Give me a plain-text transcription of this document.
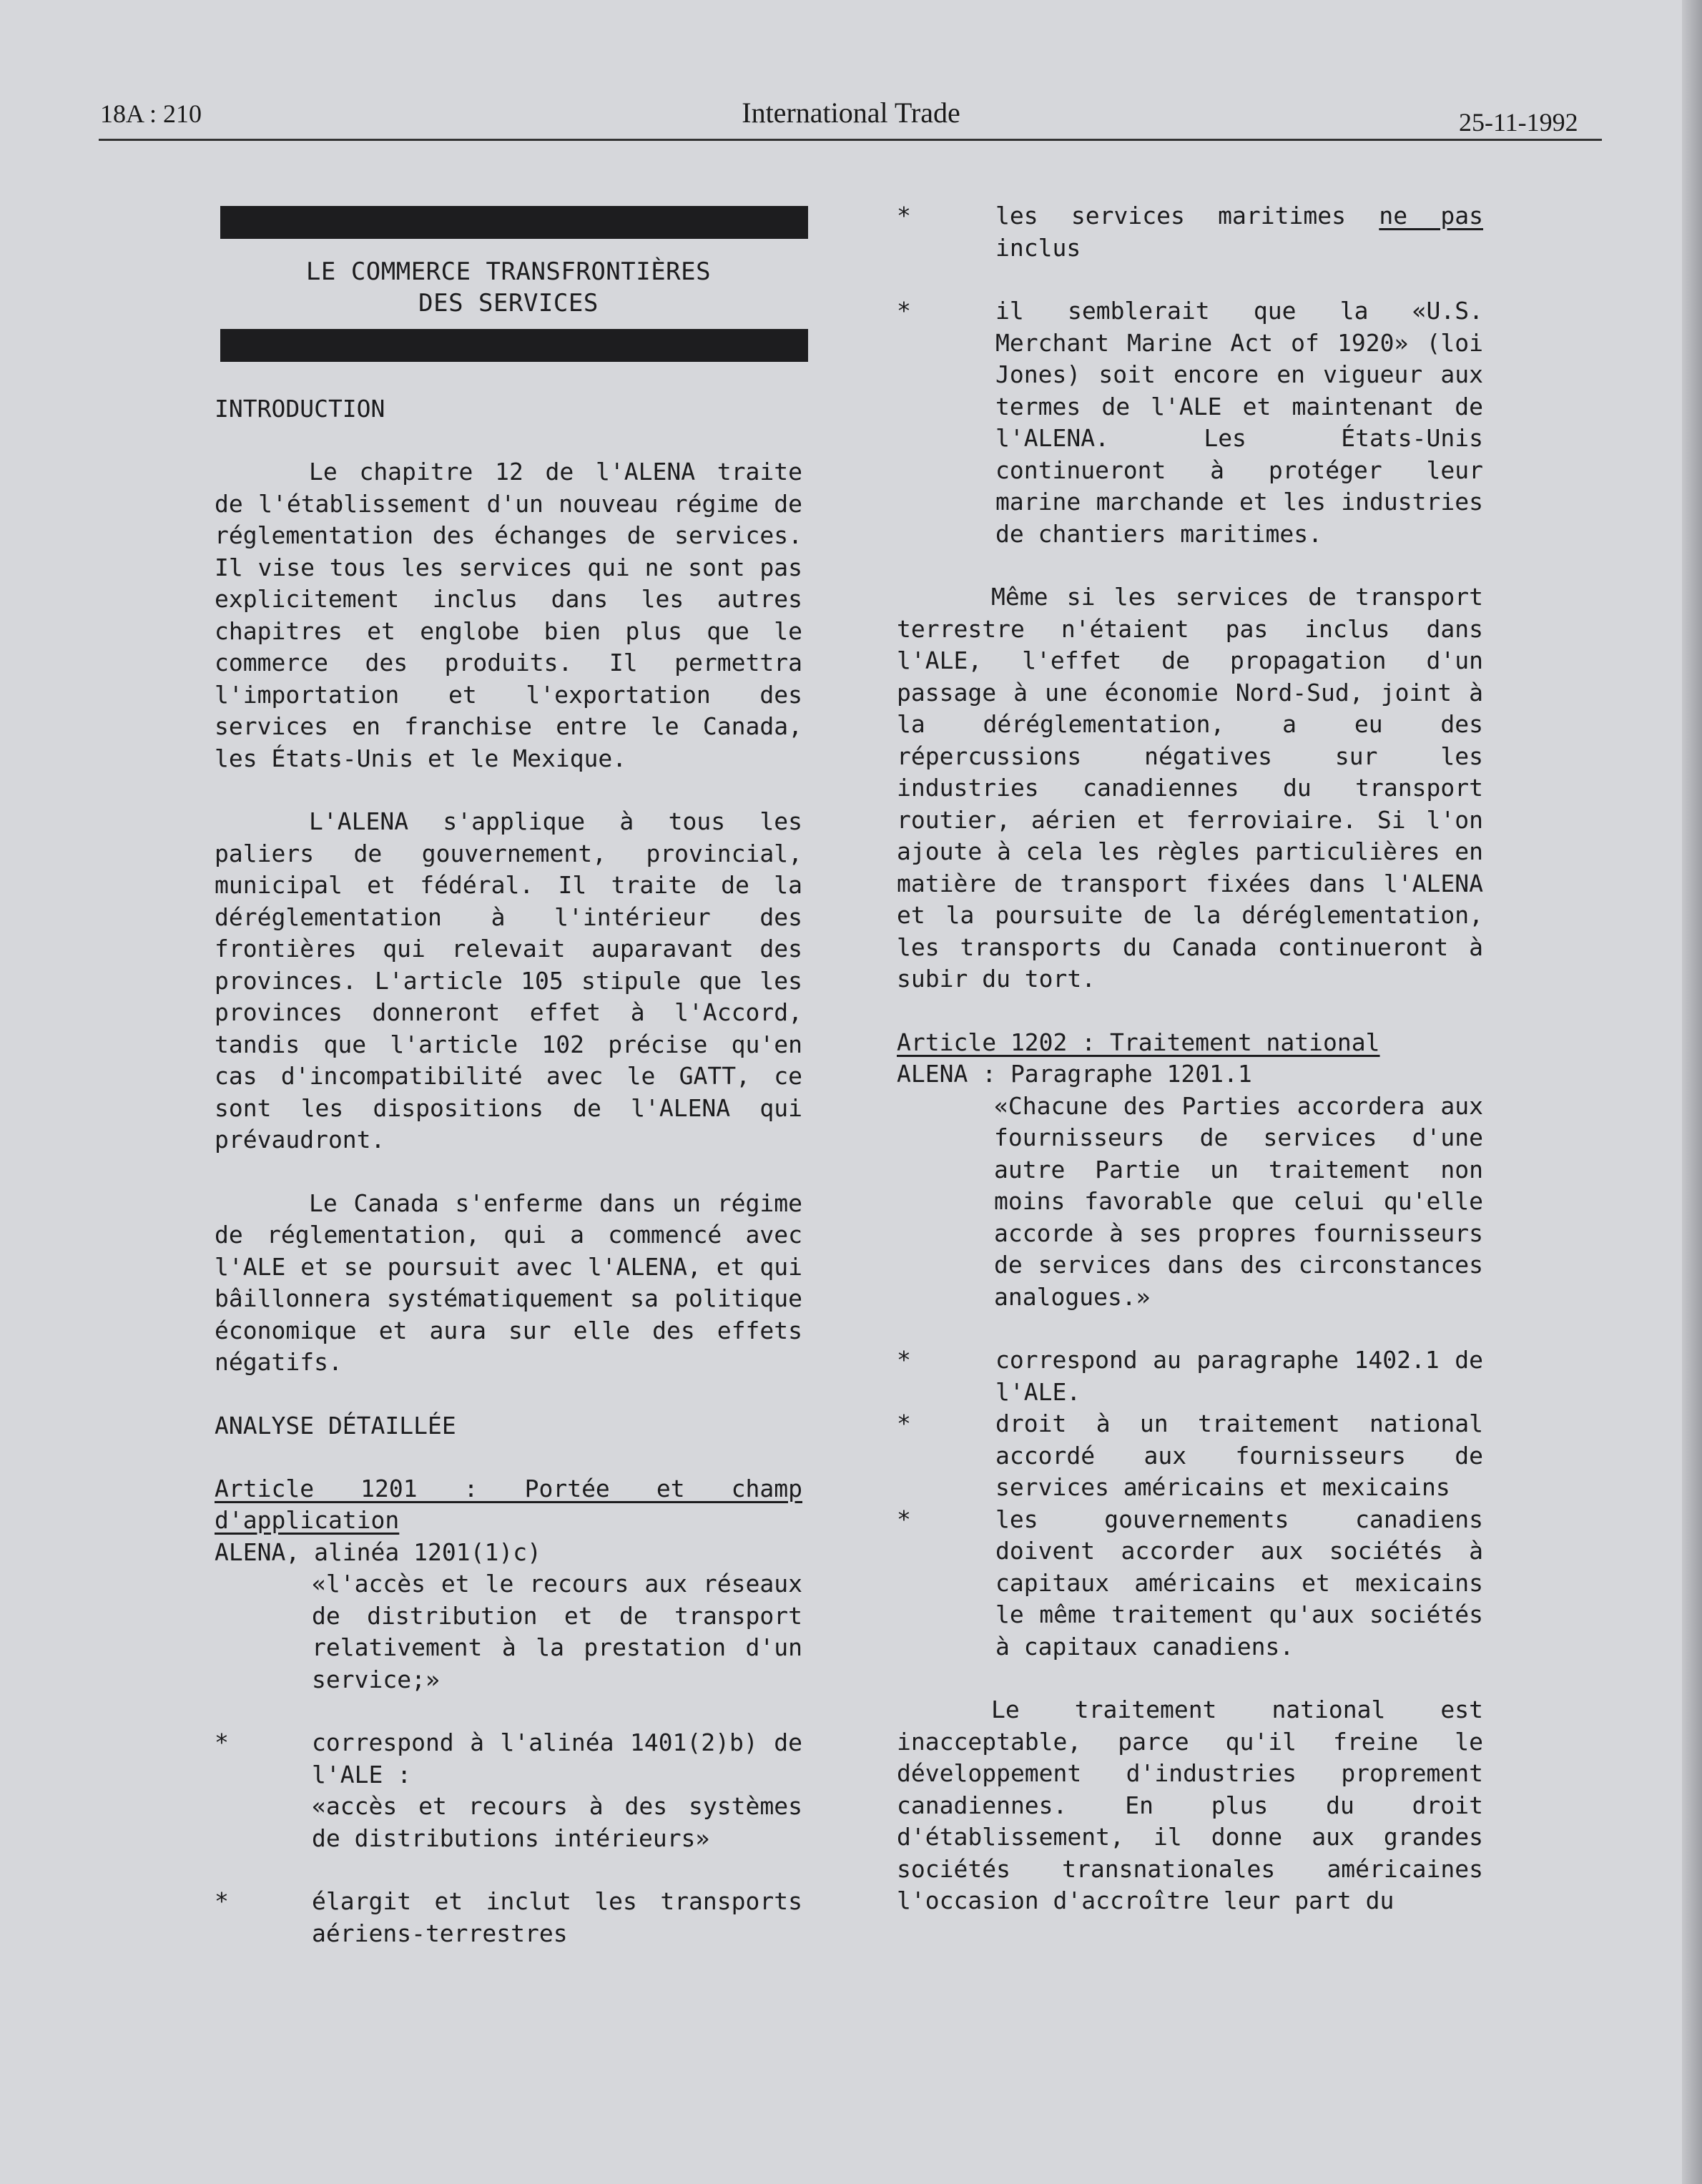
18A : 210	International Trade	25-11-1992
LE COMMERCE TRANSFRONTIÈRES
DES SERVICES
INTRODUCTION

Le chapitre 12 de l'ALENA traite de l'établissement d'un nouveau régime de réglementation des échanges de services. Il vise tous les services qui ne sont pas explicitement inclus dans les autres chapitres et englobe bien plus que le commerce des produits. Il permettra l'importation et l'exportation des services en franchise entre le Canada, les États-Unis et le Mexique.

L'ALENA s'applique à tous les paliers de gouvernement, provincial, municipal et fédéral. Il traite de la déréglementation à l'intérieur des frontières qui relevait auparavant des provinces. L'article 105 stipule que les provinces donneront effet à l'Accord, tandis que l'article 102 précise qu'en cas d'incompatibilité avec le GATT, ce sont les dispositions de l'ALENA qui prévaudront.

Le Canada s'enferme dans un régime de réglementation, qui a commencé avec l'ALE et se poursuit avec l'ALENA, et qui bâillonnera systématiquement sa politique économique et aura sur elle des effets négatifs.

ANALYSE DÉTAILLÉE
Article 1201 : Portée et champ d'application
ALENA, alinéa 1201(1)c)
«l'accès et le recours aux réseaux de distribution et de transport relativement à la prestation d'un service;»
*	correspond à l'alinéa 1401(2)b) de l'ALE :
«accès et recours à des systèmes de distributions intérieurs»
*	élargit et inclut les transports aériens-terrestres
*	les services maritimes ne pas inclus
*	il semblerait que la «U.S. Merchant Marine Act of 1920» (loi Jones) soit encore en vigueur aux termes de l'ALE et maintenant de l'ALENA. Les États-Unis continueront à protéger leur marine marchande et les industries de chantiers maritimes.

Même si les services de transport terrestre n'étaient pas inclus dans l'ALE, l'effet de propagation d'un passage à une économie Nord-Sud, joint à la déréglementation, a eu des répercussions négatives sur les industries canadiennes du transport routier, aérien et ferroviaire. Si l'on ajoute à cela les règles particulières en matière de transport fixées dans l'ALENA et la poursuite de la déréglementation, les transports du Canada continueront à subir du tort.

Article 1202 : Traitement national
ALENA : Paragraphe 1201.1
«Chacune des Parties accordera aux fournisseurs de services d'une autre Partie un traitement non moins favorable que celui qu'elle accorde à ses propres fournisseurs de services dans des circonstances analogues.»
*	correspond au paragraphe 1402.1 de l'ALE.
*	droit à un traitement national accordé aux fournisseurs de services américains et mexicains
*	les gouvernements canadiens doivent accorder aux sociétés à capitaux américains et mexicains le même traitement qu'aux sociétés à capitaux canadiens.

Le traitement national est inacceptable, parce qu'il freine le développement d'industries proprement canadiennes. En plus du droit d'établissement, il donne aux grandes sociétés transnationales américaines l'occasion d'accroître leur part du
